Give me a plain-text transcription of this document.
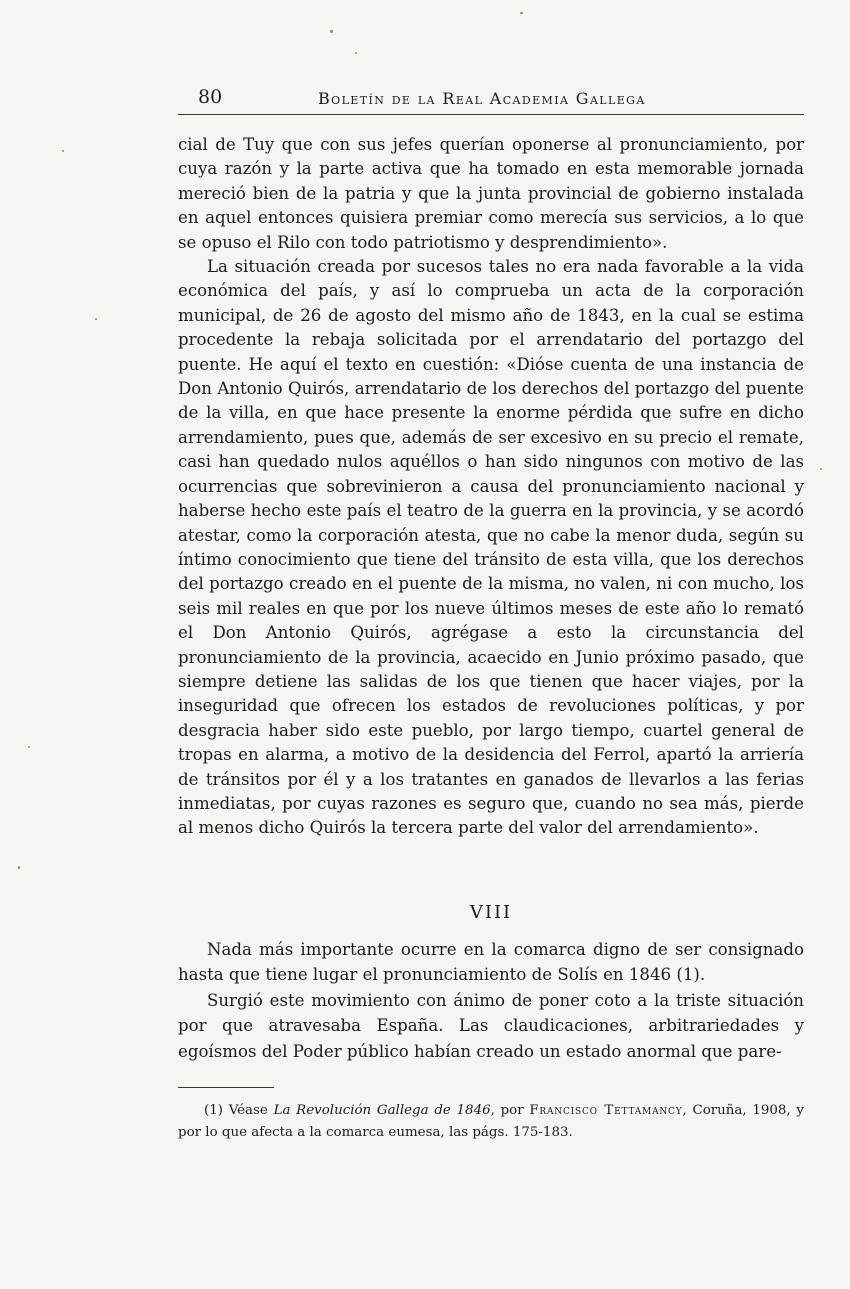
80	Boletín de la Real Academia Gallega

cial de Tuy que con sus jefes querían oponerse al pronunciamiento, por cuya razón y la parte activa que ha tomado en esta memorable jornada mereció bien de la patria y que la junta provincial de gobierno instalada en aquel entonces quisiera premiar como merecía sus servicios, a lo que se opuso el Rilo con todo patriotismo y desprendimiento».

La situación creada por sucesos tales no era nada favorable a la vida económica del país, y así lo comprueba un acta de la corporación municipal, de 26 de agosto del mismo año de 1843, en la cual se estima procedente la rebaja solicitada por el arrendatario del portazgo del puente. He aquí el texto en cuestión: «Dióse cuenta de una instancia de Don Antonio Quirós, arrendatario de los derechos del portazgo del puente de la villa, en que hace presente la enorme pérdida que sufre en dicho arrendamiento, pues que, además de ser excesivo en su precio el remate, casi han quedado nulos aquéllos o han sido ningunos con motivo de las ocurrencias que sobrevinieron a causa del pronunciamiento nacional y haberse hecho este país el teatro de la guerra en la provincia, y se acordó atestar, como la corporación atesta, que no cabe la menor duda, según su íntimo conocimiento que tiene del tránsito de esta villa, que los derechos del portazgo creado en el puente de la misma, no valen, ni con mucho, los seis mil reales en que por los nueve últimos meses de este año lo remató el Don Antonio Quirós, agrégase a esto la circunstancia del pronunciamiento de la provincia, acaecido en Junio próximo pasado, que siempre detiene las salidas de los que tienen que hacer viajes, por la inseguridad que ofrecen los estados de revoluciones políticas, y por desgracia haber sido este pueblo, por largo tiempo, cuartel general de tropas en alarma, a motivo de la desidencia del Ferrol, apartó la arriería de tránsitos por él y a los tratantes en ganados de llevarlos a las ferias inmediatas, por cuyas razones es seguro que, cuando no sea más, pierde al menos dicho Quirós la tercera parte del valor del arrendamiento».

VIII

Nada más importante ocurre en la comarca digno de ser consignado hasta que tiene lugar el pronunciamiento de Solís en 1846 (1).

Surgió este movimiento con ánimo de poner coto a la triste situación por que atravesaba España. Las claudicaciones, arbitrariedades y egoísmos del Poder público habían creado un estado anormal que pare-

(1) Véase La Revolución Gallega de 1846, por Francisco Tettamancy, Coruña, 1908, y por lo que afecta a la comarca eumesa, las págs. 175-183.
